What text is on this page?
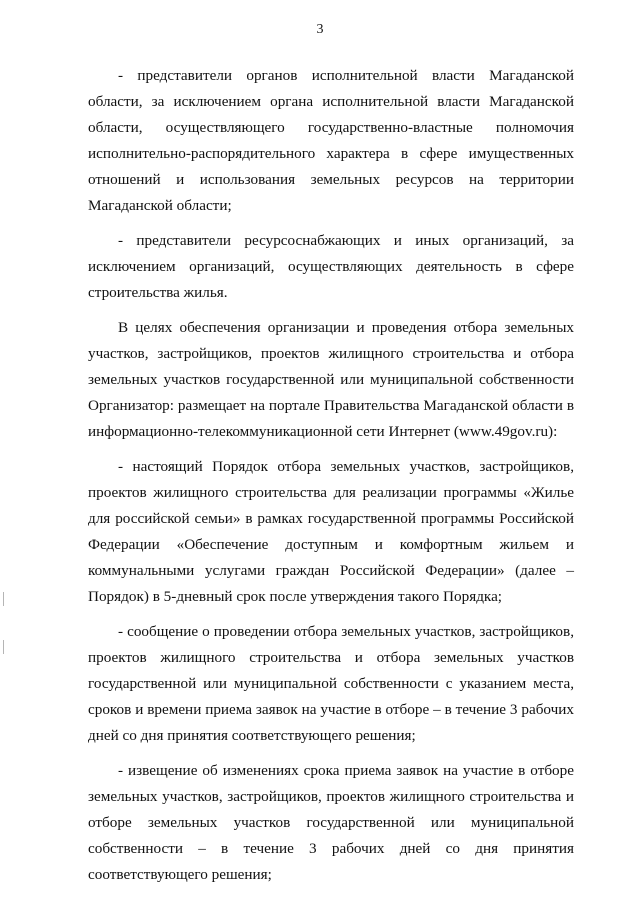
3

- представители органов исполнительной власти Магаданской области, за исключением органа исполнительной власти Магаданской области, осуществляющего государственно-властные полномочия исполнительно-распорядительного характера в сфере имущественных отношений и использования земельных ресурсов на территории Магаданской области;

- представители ресурсоснабжающих и иных организаций, за исключением организаций, осуществляющих деятельность в сфере строительства жилья.

В целях обеспечения организации и проведения отбора земельных участков, застройщиков, проектов жилищного строительства и отбора земельных участков государственной или муниципальной собственности Организатор: размещает на портале Правительства Магаданской области в информационно-телекоммуникационной сети Интернет (www.49gov.ru):

- настоящий Порядок отбора земельных участков, застройщиков, проектов жилищного строительства для реализации программы «Жилье для российской семьи» в рамках государственной программы Российской Федерации «Обеспечение доступным и комфортным жильем и коммунальными услугами граждан Российской Федерации» (далее – Порядок) в 5-дневный срок после утверждения такого Порядка;

- сообщение о проведении отбора земельных участков, застройщиков, проектов жилищного строительства и отбора земельных участков государственной или муниципальной собственности с указанием места, сроков и времени приема заявок на участие в отборе – в течение 3 рабочих дней со дня принятия соответствующего решения;

- извещение об изменениях срока приема заявок на участие в отборе земельных участков, застройщиков, проектов жилищного строительства и отборе земельных участков государственной или муниципальной собственности – в течение 3 рабочих дней со дня принятия соответствующего решения;
